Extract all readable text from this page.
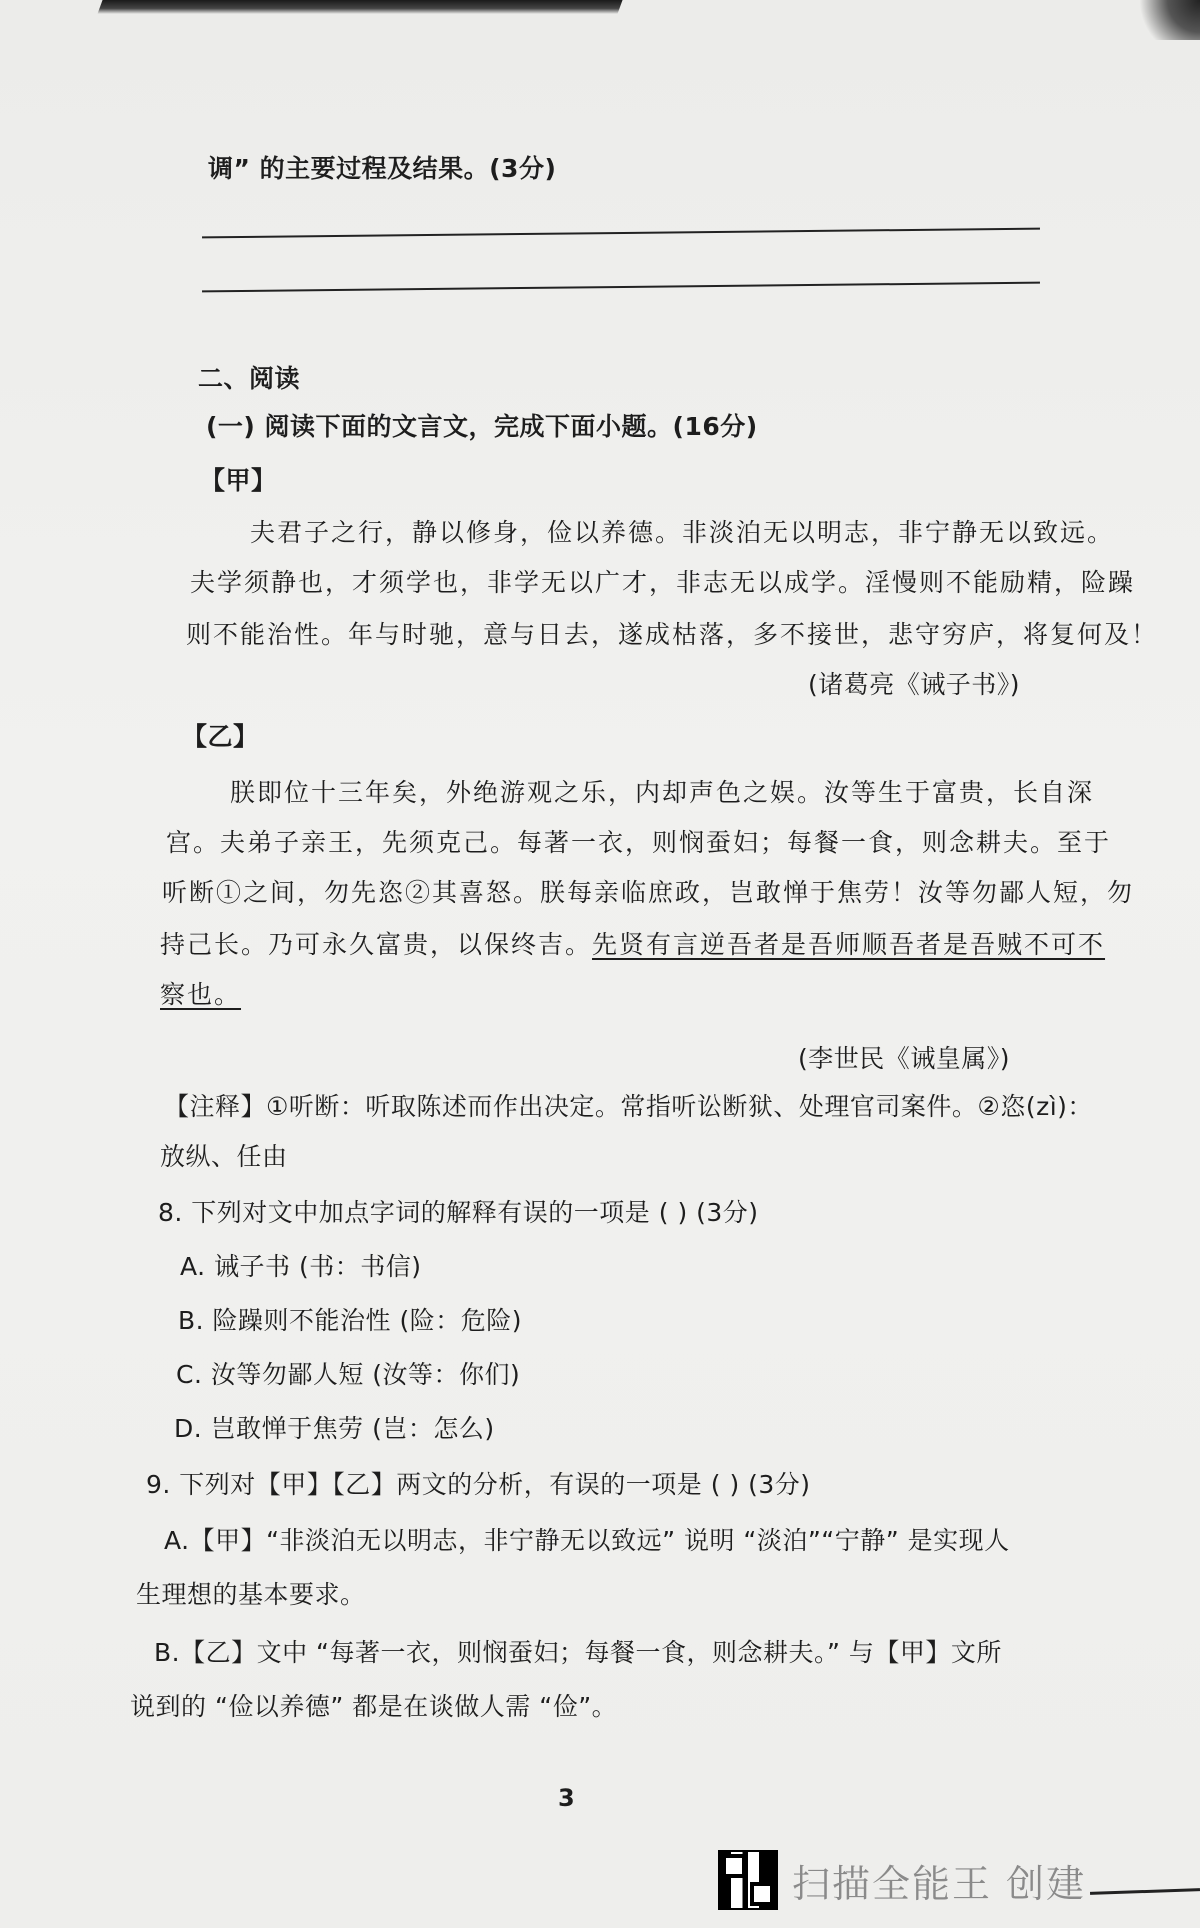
调” 的主要过程及结果。(3分)
二、阅读
(一) 阅读下面的文言文，完成下面小题。(16分)
【甲】
夫君子之行，静以修身，俭以养德。非淡泊无以明志，非宁静无以致远。
夫学须静也，才须学也，非学无以广才，非志无以成学。淫慢则不能励精，险躁
则不能治性。年与时驰，意与日去，遂成枯落，多不接世，悲守穷庐，将复何及！
(诸葛亮《诫子书》)
【乙】
朕即位十三年矣，外绝游观之乐，内却声色之娱。汝等生于富贵，长自深
宫。夫弟子亲王，先须克己。每著一衣，则悯蚕妇；每餐一食，则念耕夫。至于
听断①之间，勿先恣②其喜怒。朕每亲临庶政，岂敢惮于焦劳！汝等勿鄙人短，勿
持己长。乃可永久富贵，以保终吉。先贤有言逆吾者是吾师顺吾者是吾贼不可不
察也。
(李世民《诫皇属》)
【注释】①听断：听取陈述而作出决定。常指听讼断狱、处理官司案件。②恣(zì)：
放纵、任由
8. 下列对文中加点字词的解释有误的一项是 ( ) (3分)
A. 诫子书 (书：书信)
B. 险躁则不能治性 (险：危险)
C. 汝等勿鄙人短 (汝等：你们)
D. 岂敢惮于焦劳 (岂：怎么)
9. 下列对【甲】【乙】两文的分析，有误的一项是 ( ) (3分)
A.【甲】“非淡泊无以明志，非宁静无以致远” 说明 “淡泊”“宁静” 是实现人
生理想的基本要求。
B.【乙】文中 “每著一衣，则悯蚕妇；每餐一食，则念耕夫。” 与【甲】文所
说到的 “俭以养德” 都是在谈做人需 “俭”。
3
扫描全能王 创建
